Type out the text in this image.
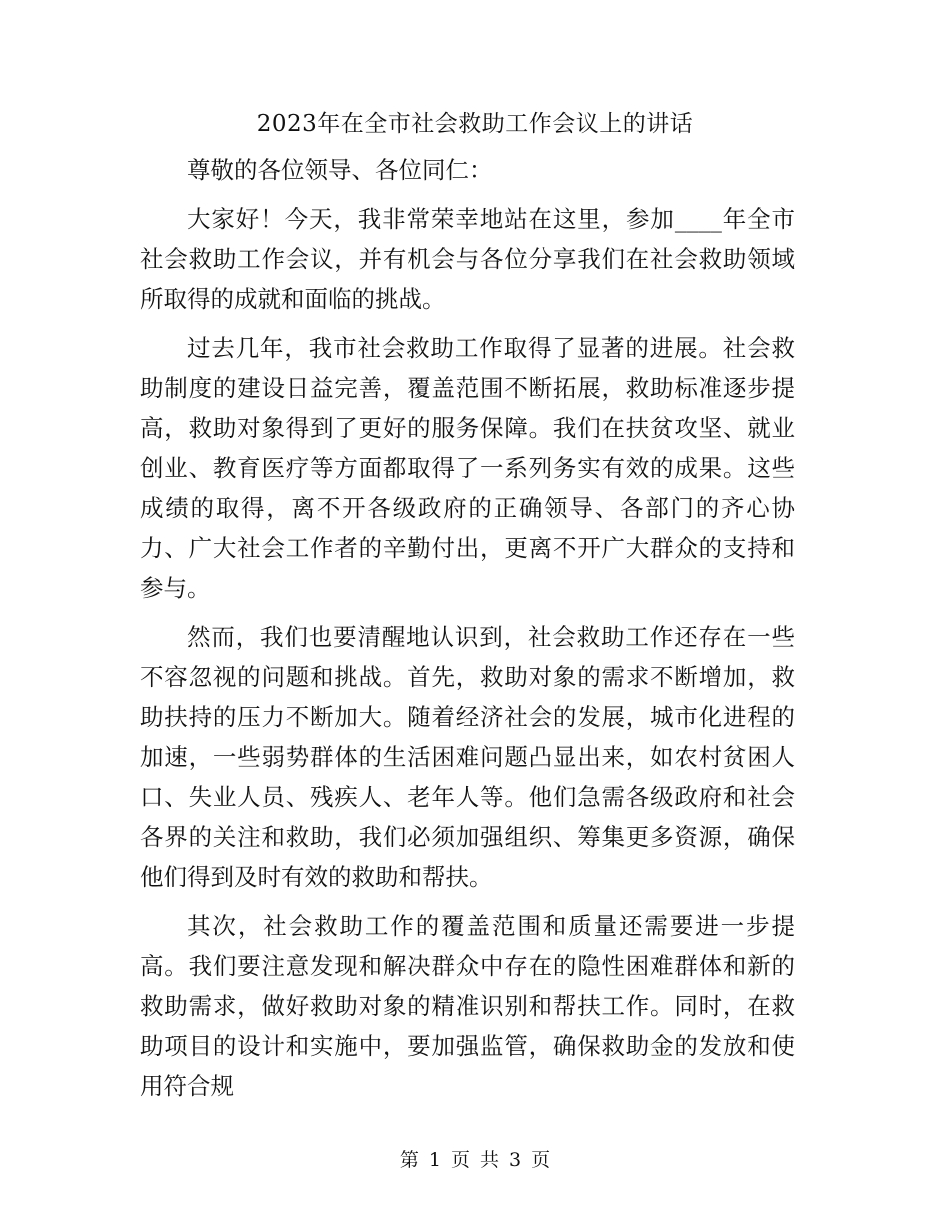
2023年在全市社会救助工作会议上的讲话

尊敬的各位领导、各位同仁：

大家好！今天，我非常荣幸地站在这里，参加____年全市社会救助工作会议，并有机会与各位分享我们在社会救助领域所取得的成就和面临的挑战。

过去几年，我市社会救助工作取得了显著的进展。社会救助制度的建设日益完善，覆盖范围不断拓展，救助标准逐步提高，救助对象得到了更好的服务保障。我们在扶贫攻坚、就业创业、教育医疗等方面都取得了一系列务实有效的成果。这些成绩的取得，离不开各级政府的正确领导、各部门的齐心协力、广大社会工作者的辛勤付出，更离不开广大群众的支持和参与。

然而，我们也要清醒地认识到，社会救助工作还存在一些不容忽视的问题和挑战。首先，救助对象的需求不断增加，救助扶持的压力不断加大。随着经济社会的发展，城市化进程的加速，一些弱势群体的生活困难问题凸显出来，如农村贫困人口、失业人员、残疾人、老年人等。他们急需各级政府和社会各界的关注和救助，我们必须加强组织、筹集更多资源，确保他们得到及时有效的救助和帮扶。

其次，社会救助工作的覆盖范围和质量还需要进一步提高。我们要注意发现和解决群众中存在的隐性困难群体和新的救助需求，做好救助对象的精准识别和帮扶工作。同时，在救助项目的设计和实施中，要加强监管，确保救助金的发放和使用符合规

第 1 页 共 3 页
